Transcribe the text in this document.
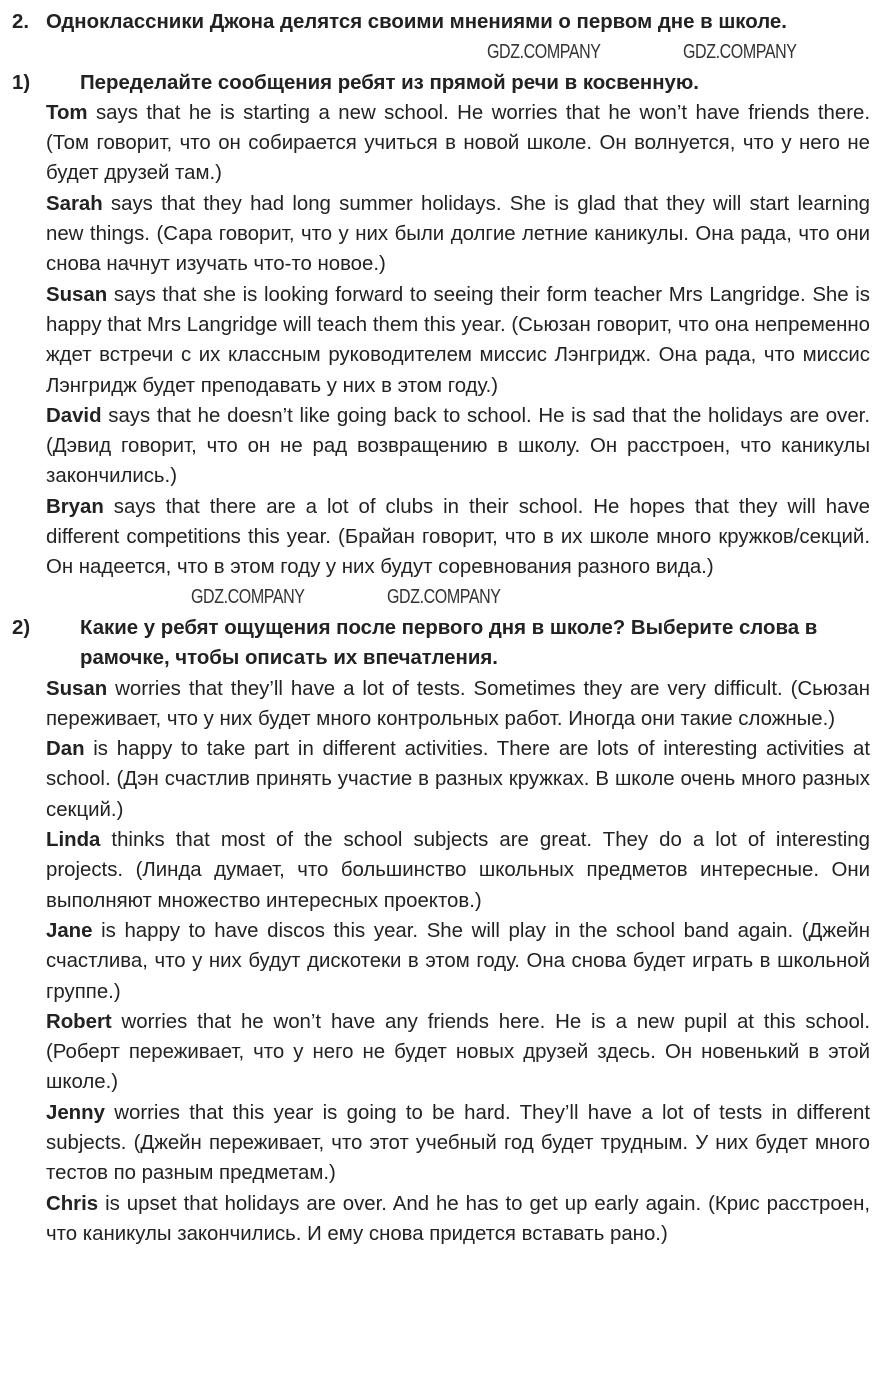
2. Одноклассники Джона делятся своими мнениями о первом дне в школе.
1) Переделайте сообщения ребят из прямой речи в косвенную.
Tom says that he is starting a new school. He worries that he won’t have friends there. (Том говорит, что он собирается учиться в новой школе. Он волнуется, что у него не будет друзей там.)
Sarah says that they had long summer holidays. She is glad that they will start learning new things. (Сара говорит, что у них были долгие летние каникулы. Она рада, что они снова начнут изучать что-то новое.)
Susan says that she is looking forward to seeing their form teacher Mrs Langridge. She is happy that Mrs Langridge will teach them this year. (Сьюзан говорит, что она непременно ждет встречи с их классным руководителем миссис Лэнгридж. Она рада, что миссис Лэнгридж будет преподавать у них в этом году.)
David says that he doesn’t like going back to school. He is sad that the holidays are over. (Дэвид говорит, что он не рад возвращению в школу. Он расстроен, что каникулы закончились.)
Bryan says that there are a lot of clubs in their school. He hopes that they will have different competitions this year. (Брайан говорит, что в их школе много кружков/секций. Он надеется, что в этом году у них будут соревнования разного вида.)
2) Какие у ребят ощущения после первого дня в школе? Выберите слова в рамочке, чтобы описать их впечатления.
Susan worries that they’ll have a lot of tests. Sometimes they are very difficult. (Сьюзан переживает, что у них будет много контрольных работ. Иногда они такие сложные.)
Dan is happy to take part in different activities. There are lots of interesting activities at school. (Дэн счастлив принять участие в разных кружках. В школе очень много разных секций.)
Linda thinks that most of the school subjects are great. They do a lot of interesting projects. (Линда думает, что большинство школьных предметов интересные. Они выполняют множество интересных проектов.)
Jane is happy to have discos this year. She will play in the school band again. (Джейн счастлива, что у них будут дискотеки в этом году. Она снова будет играть в школьной группе.)
Robert worries that he won’t have any friends here. He is a new pupil at this school. (Роберт переживает, что у него не будет новых друзей здесь. Он новенький в этой школе.)
Jenny worries that this year is going to be hard. They’ll have a lot of tests in different subjects. (Джейн переживает, что этот учебный год будет трудным. У них будет много тестов по разным предметам.)
Chris is upset that holidays are over. And he has to get up early again. (Крис расстроен, что каникулы закончились. И ему снова придется вставать рано.)
GDZ.COMPANY	GDZ.COMPANY
GDZ.COMPANY	GDZ.COMPANY
